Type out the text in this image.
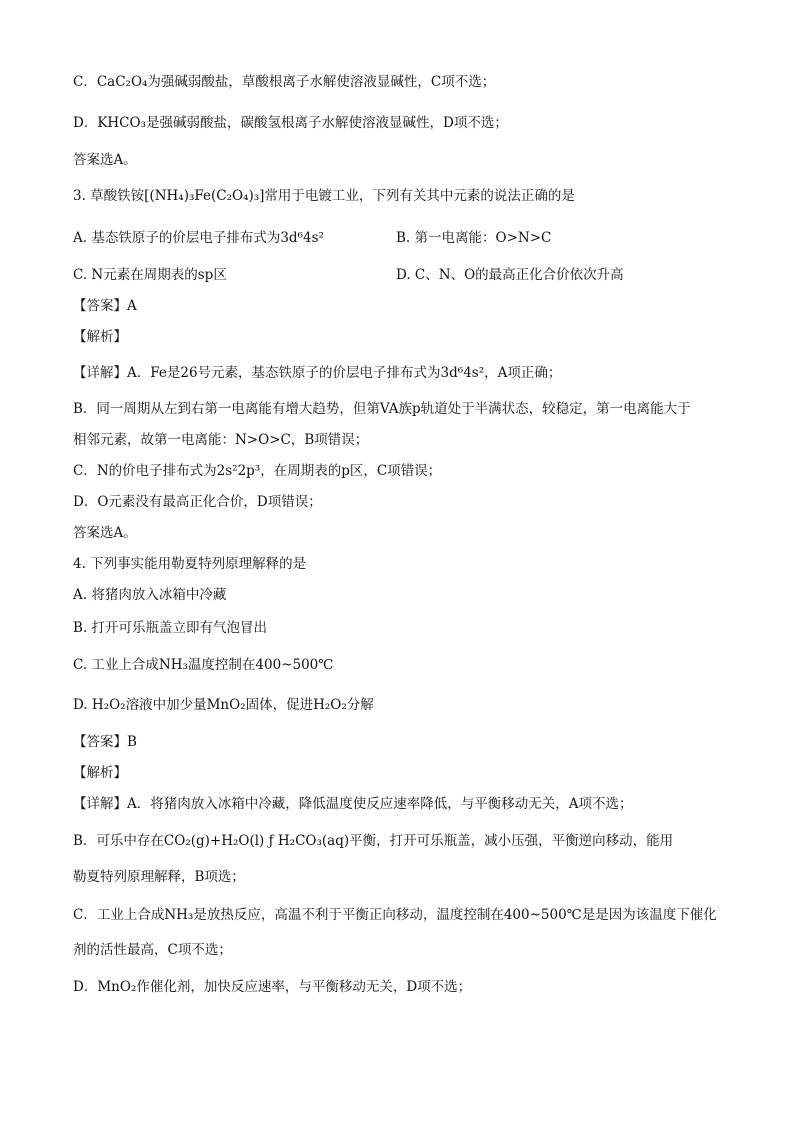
C．CaC₂O₄为强碱弱酸盐，草酸根离子水解使溶液显碱性，C项不选；
D．KHCO₃是强碱弱酸盐，碳酸氢根离子水解使溶液显碱性，D项不选；
答案选A。
3. 草酸铁铵[(NH₄)₃Fe(C₂O₄)₃]常用于电镀工业，下列有关其中元素的说法正确的是
A. 基态铁原子的价层电子排布式为3d⁶4s²	B. 第一电离能：O>N>C
C. N元素在周期表的sp区	D. C、N、O的最高正化合价依次升高
【答案】A
【解析】
【详解】A．Fe是26号元素，基态铁原子的价层电子排布式为3d⁶4s²，A项正确；
B．同一周期从左到右第一电离能有增大趋势，但第VA族p轨道处于半满状态，较稳定，第一电离能大于
相邻元素，故第一电离能：N>O>C，B项错误；
C．N的价电子排布式为2s²2p³，在周期表的p区，C项错误；
D．O元素没有最高正化合价，D项错误；
答案选A。
4. 下列事实能用勒夏特列原理解释的是
A. 将猪肉放入冰箱中冷藏
B. 打开可乐瓶盖立即有气泡冒出
C. 工业上合成NH₃温度控制在400~500℃
D. H₂O₂溶液中加少量MnO₂固体，促进H₂O₂分解
【答案】B
【解析】
【详解】A．将猪肉放入冰箱中冷藏，降低温度使反应速率降低，与平衡移动无关，A项不选；
B．可乐中存在CO₂(g)+H₂O(l) ƒ H₂CO₃(aq)平衡，打开可乐瓶盖，减小压强，平衡逆向移动，能用
勒夏特列原理解释，B项选；
C．工业上合成NH₃是放热反应，高温不利于平衡正向移动，温度控制在400~500℃是是因为该温度下催化
剂的活性最高，C项不选；
D．MnO₂作催化剂，加快反应速率，与平衡移动无关，D项不选；
